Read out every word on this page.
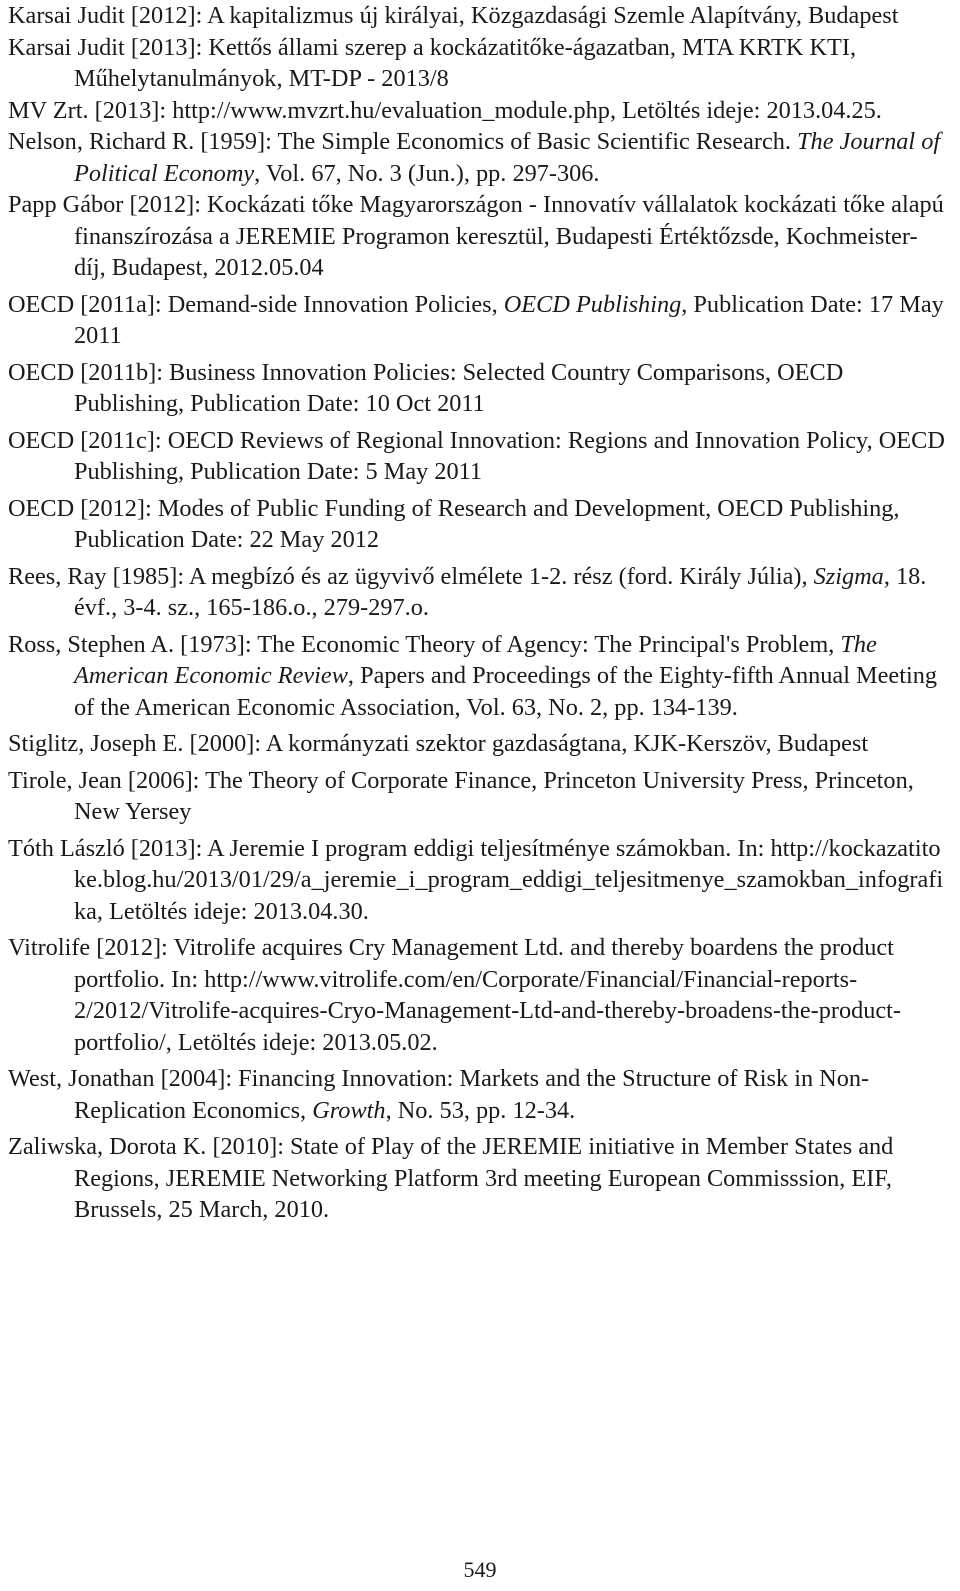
Karsai Judit [2012]: A kapitalizmus új királyai, Közgazdasági Szemle Alapítvány, Budapest
Karsai Judit [2013]: Kettős állami szerep a kockázatitőke-ágazatban, MTA KRTK KTI, Műhelytanulmányok, MT-DP - 2013/8
MV Zrt. [2013]: http://www.mvzrt.hu/evaluation_module.php, Letöltés ideje: 2013.04.25.
Nelson, Richard R. [1959]: The Simple Economics of Basic Scientific Research. The Journal of Political Economy, Vol. 67, No. 3 (Jun.), pp. 297-306.
Papp Gábor [2012]: Kockázati tőke Magyarországon - Innovatív vállalatok kockázati tőke alapú finanszírozása a JEREMIE Programon keresztül, Budapesti Értéktőzsde, Kochmeister-díj, Budapest, 2012.05.04
OECD [2011a]: Demand-side Innovation Policies, OECD Publishing, Publication Date: 17 May 2011
OECD [2011b]: Business Innovation Policies: Selected Country Comparisons, OECD Publishing, Publication Date: 10 Oct 2011
OECD [2011c]: OECD Reviews of Regional Innovation: Regions and Innovation Policy, OECD Publishing, Publication Date: 5 May 2011
OECD [2012]: Modes of Public Funding of Research and Development, OECD Publishing, Publication Date: 22 May 2012
Rees, Ray [1985]: A megbízó és az ügyvivő elmélete 1-2. rész (ford. Király Júlia), Szigma, 18. évf., 3-4. sz., 165-186.o., 279-297.o.
Ross, Stephen A. [1973]: The Economic Theory of Agency: The Principal's Problem, The American Economic Review, Papers and Proceedings of the Eighty-fifth Annual Meeting of the American Economic Association, Vol. 63, No. 2, pp. 134-139.
Stiglitz, Joseph E. [2000]: A kormányzati szektor gazdaságtana, KJK-Kerszöv, Budapest
Tirole, Jean [2006]: The Theory of Corporate Finance, Princeton University Press, Princeton, New Yersey
Tóth László [2013]: A Jeremie I program eddigi teljesítménye számokban. In: http://kockazatitoke.blog.hu/2013/01/29/a_jeremie_i_program_eddigi_teljesitmenye_szamokban_infografika, Letöltés ideje: 2013.04.30.
Vitrolife [2012]: Vitrolife acquires Cry Management Ltd. and thereby boardens the product portfolio. In: http://www.vitrolife.com/en/Corporate/Financial/Financial-reports-2/2012/Vitrolife-acquires-Cryo-Management-Ltd-and-thereby-broadens-the-product-portfolio/, Letöltés ideje: 2013.05.02.
West, Jonathan [2004]: Financing Innovation: Markets and the Structure of Risk in Non-Replication Economics, Growth, No. 53, pp. 12-34.
Zaliwska, Dorota K. [2010]: State of Play of the JEREMIE initiative in Member States and Regions, JEREMIE Networking Platform 3rd meeting European Commisssion, EIF, Brussels, 25 March, 2010.
549
